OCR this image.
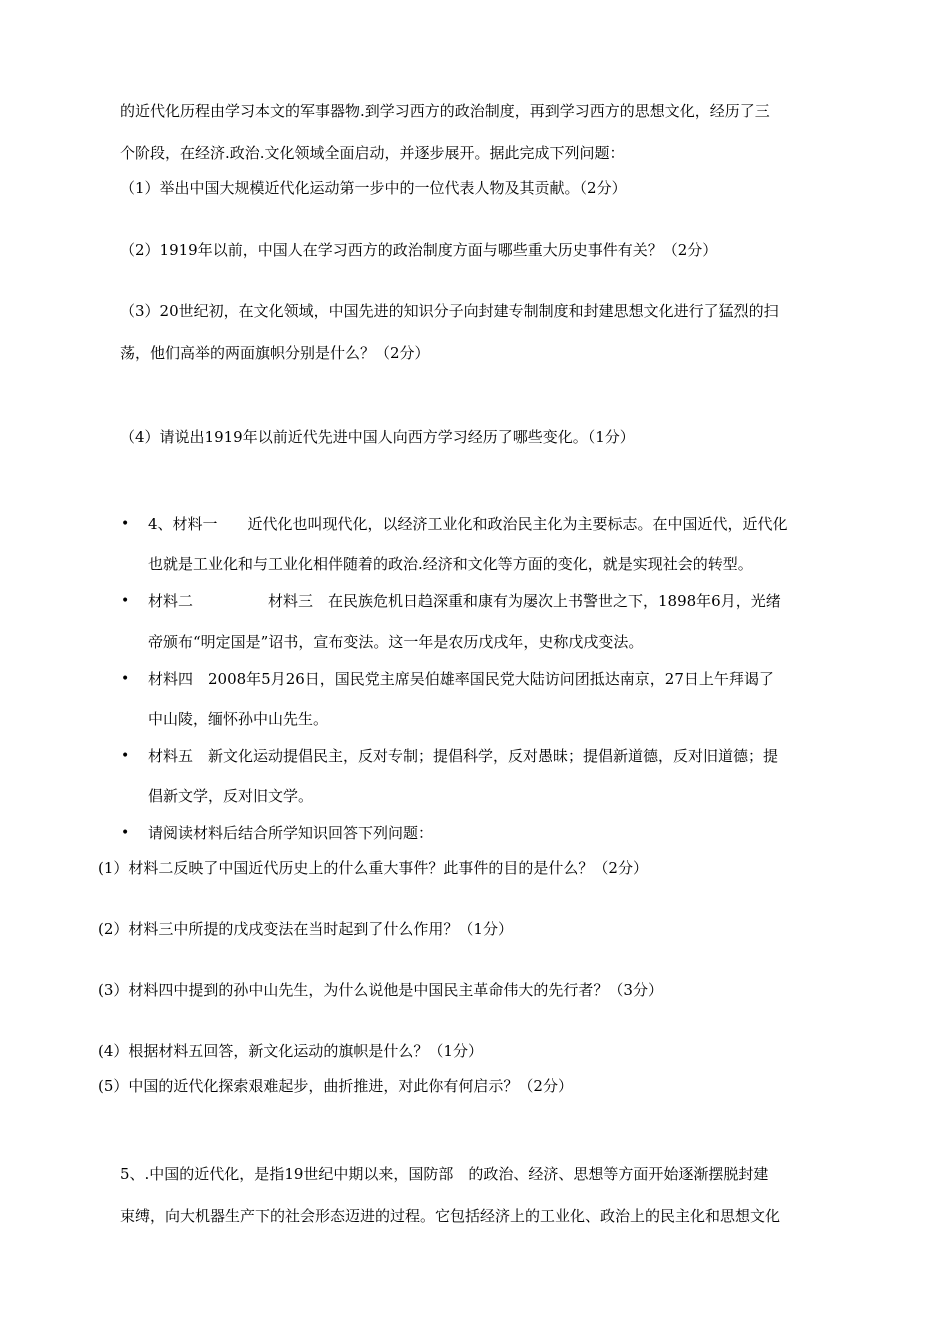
的近代化历程由学习本文的军事器物.到学习西方的政治制度，再到学习西方的思想文化，经历了三
个阶段，在经济.政治.文化领域全面启动，并逐步展开。据此完成下列问题：
（1）举出中国大规模近代化运动第一步中的一位代表人物及其贡献。（2分）
（2）1919年以前，中国人在学习西方的政治制度方面与哪些重大历史事件有关？（2分）
（3）20世纪初，在文化领域，中国先进的知识分子向封建专制制度和封建思想文化进行了猛烈的扫
荡，他们高举的两面旗帜分别是什么？（2分）
（4）请说出1919年以前近代先进中国人向西方学习经历了哪些变化。（1分）
• 4、材料一　　近代化也叫现代化，以经济工业化和政治民主化为主要标志。在中国近代，近代化
也就是工业化和与工业化相伴随着的政治.经济和文化等方面的变化，就是实现社会的转型。
• 材料二　　　　　材料三　在民族危机日趋深重和康有为屡次上书警世之下，1898年6月，光绪
帝颁布“明定国是”诏书，宣布变法。这一年是农历戊戌年，史称戊戌变法。
• 材料四　2008年5月26日，国民党主席吴伯雄率国民党大陆访问团抵达南京，27日上午拜谒了
中山陵，缅怀孙中山先生。
• 材料五　新文化运动提倡民主，反对专制；提倡科学，反对愚昧；提倡新道德，反对旧道德；提
倡新文学，反对旧文学。
• 请阅读材料后结合所学知识回答下列问题：
(1）材料二反映了中国近代历史上的什么重大事件？此事件的目的是什么？（2分）
(2）材料三中所提的戊戌变法在当时起到了什么作用？（1分）
(3）材料四中提到的孙中山先生，为什么说他是中国民主革命伟大的先行者？（3分）
(4）根据材料五回答，新文化运动的旗帜是什么？（1分）
(5）中国的近代化探索艰难起步，曲折推进，对此你有何启示？（2分）
5、.中国的近代化，是指19世纪中期以来，国防部　的政治、经济、思想等方面开始逐渐摆脱封建
束缚，向大机器生产下的社会形态迈进的过程。它包括经济上的工业化、政治上的民主化和思想文化
